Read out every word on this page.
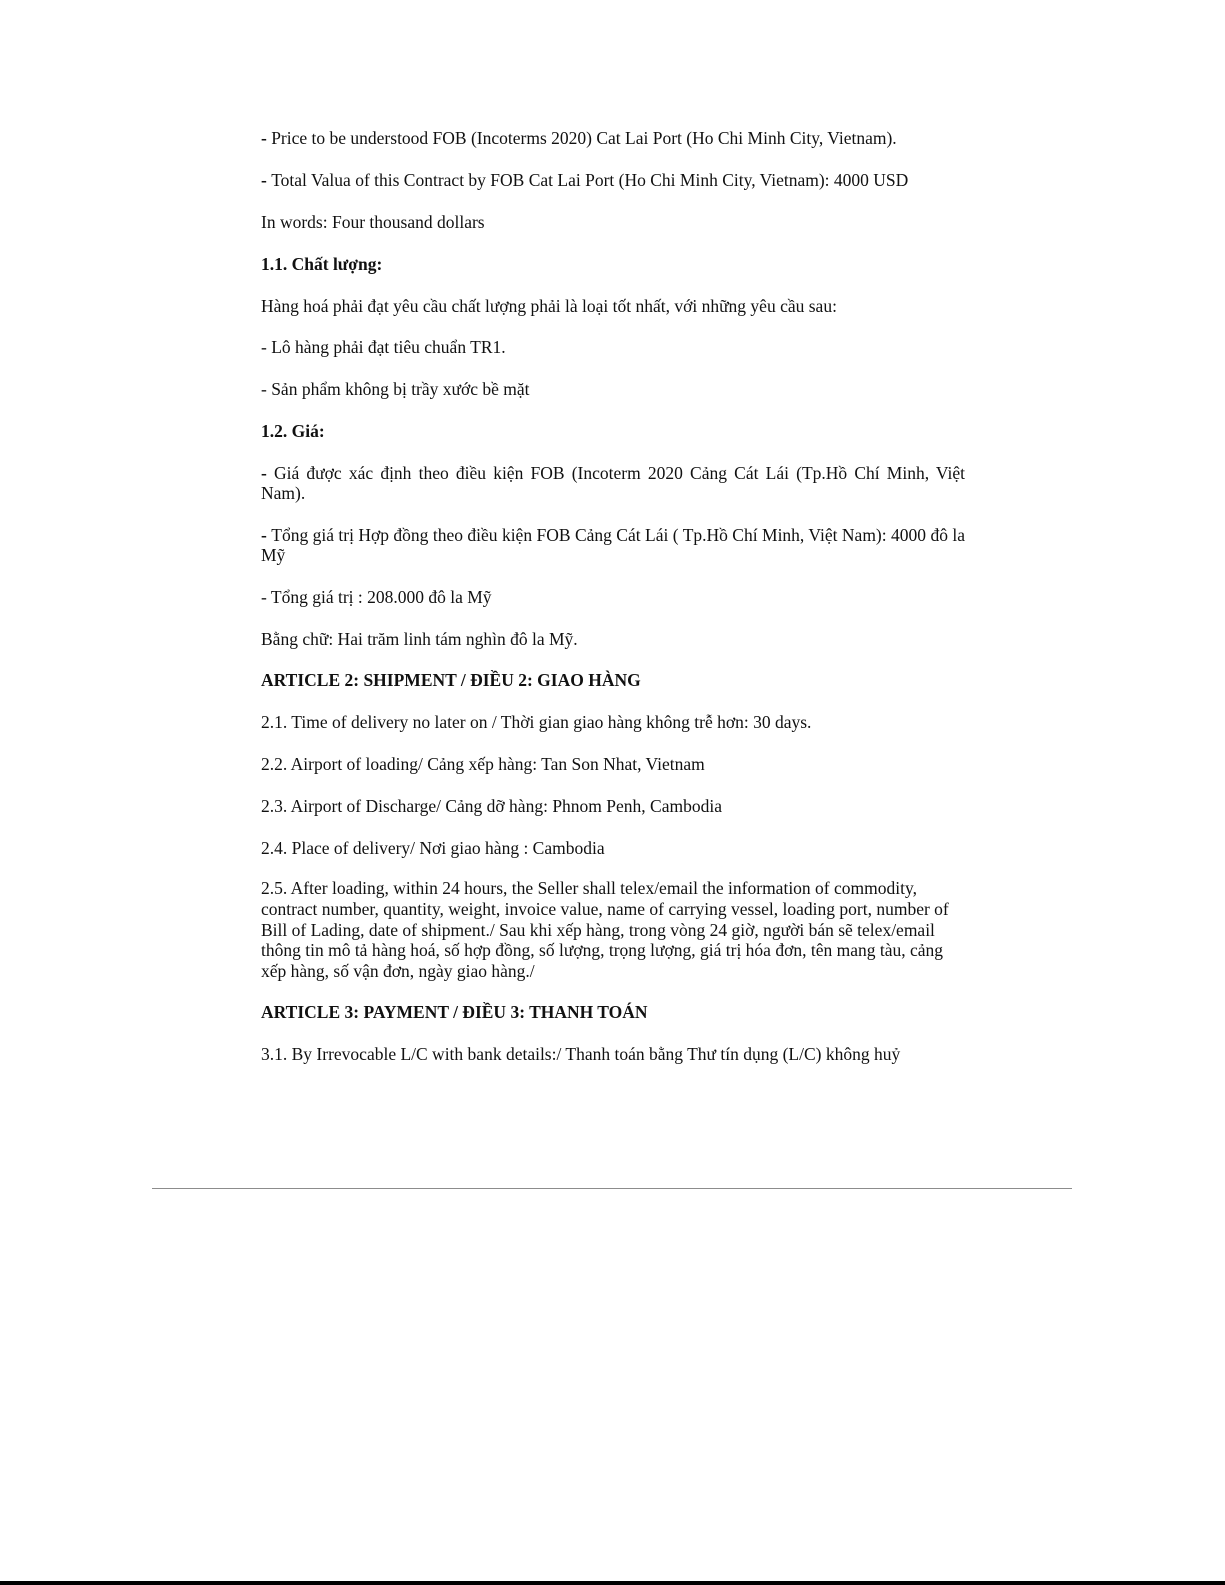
- Price to be understood FOB (Incoterms 2020) Cat Lai Port (Ho Chi Minh City, Vietnam).

- Total Valua of this Contract by FOB Cat Lai Port (Ho Chi Minh City, Vietnam): 4000 USD

In words: Four thousand dollars

1.1. Chất lượng:

Hàng hoá phải đạt yêu cầu chất lượng phải là loại tốt nhất, với những yêu cầu sau:

- Lô hàng phải đạt tiêu chuẩn TR1.

- Sản phẩm không bị trầy xước bề mặt

1.2. Giá:

- Giá được xác định theo điều kiện FOB (Incoterm 2020 Cảng Cát Lái (Tp.Hồ Chí Minh, Việt Nam).

- Tổng giá trị Hợp đồng theo điều kiện FOB Cảng Cát Lái ( Tp.Hồ Chí Minh, Việt Nam): 4000 đô la Mỹ

- Tổng giá trị : 208.000 đô la Mỹ

Bằng chữ: Hai trăm linh tám nghìn đô la Mỹ.

ARTICLE 2: SHIPMENT / ĐIỀU 2: GIAO HÀNG

2.1. Time of delivery no later on / Thời gian giao hàng không trễ hơn: 30 days.

2.2. Airport of loading/ Cảng xếp hàng: Tan Son Nhat, Vietnam

2.3. Airport of Discharge/ Cảng dỡ hàng: Phnom Penh, Cambodia

2.4. Place of delivery/ Nơi giao hàng : Cambodia

2.5. After loading, within 24 hours, the Seller shall telex/email the information of commodity, contract number, quantity, weight, invoice value, name of carrying vessel, loading port, number of Bill of Lading, date of shipment./ Sau khi xếp hàng, trong vòng 24 giờ, người bán sẽ telex/email thông tin mô tả hàng hoá, số hợp đồng, số lượng, trọng lượng, giá trị hóa đơn, tên mang tàu, cảng xếp hàng, số vận đơn, ngày giao hàng./

ARTICLE 3: PAYMENT / ĐIỀU 3: THANH TOÁN

3.1. By Irrevocable L/C with bank details:/ Thanh toán bằng Thư tín dụng (L/C) không huỷ
